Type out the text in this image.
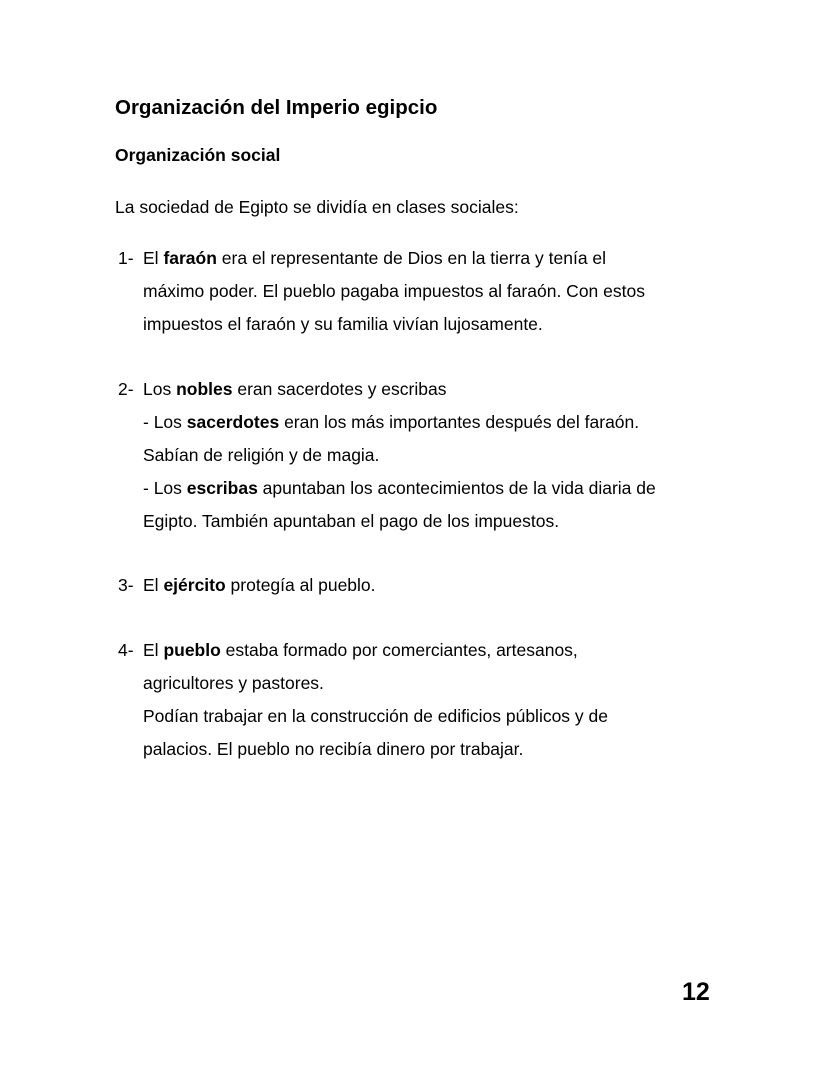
Organización del Imperio egipcio
Organización social

La sociedad de Egipto se dividía en clases sociales:

1- El faraón era el representante de Dios en la tierra y tenía el
máximo poder. El pueblo pagaba impuestos al faraón. Con estos
impuestos el faraón y su familia vivían lujosamente.
2- Los nobles eran sacerdotes y escribas
- Los sacerdotes eran los más importantes después del faraón.
Sabían de religión y de magia.
- Los escribas apuntaban los acontecimientos de la vida diaria de
Egipto. También apuntaban el pago de los impuestos.
3- El ejército protegía al pueblo.
4- El pueblo estaba formado por comerciantes, artesanos,
agricultores y pastores.
Podían trabajar en la construcción de edificios públicos y de
palacios. El pueblo no recibía dinero por trabajar.

12
